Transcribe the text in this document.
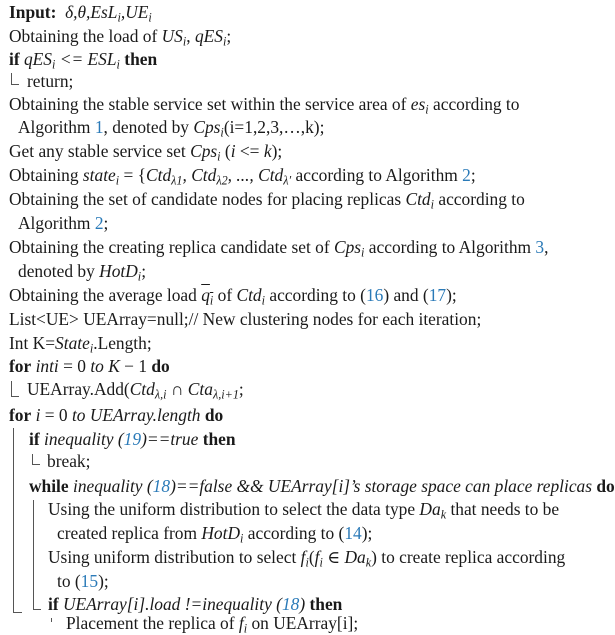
Input:  $\delta,\theta,EsL_i,UE_i$
Obtaining the load of $US_i$, qES$_i$;
if $qES_i <= ESL_i$ then
return;
Obtaining the stable service set within the service area of $es_i$ according to
Algorithm 1, denoted by Cps$_i$(i=1,2,3,…,k);
Get any stable service set Cps$_i$ (i <= k);
Obtaining state$_i$ = {Ctd$_{\lambda 1}$, Ctd$_{\lambda 2}$, ..., Ctd$_{\lambda'}$ according to Algorithm 2;
Obtaining the set of candidate nodes for placing replicas Ctd$_i$ according to
Algorithm 2;
Obtaining the creating replica candidate set of Cps$_i$ according to Algorithm 3,
denoted by HotD$_i$;
Obtaining the average load $q_i$ of Ctd$_i$ according to (16) and (17);
List<UE> UEArray=null;// New clustering nodes for each iteration;
Int K=State$_i$.Length;
for inti = 0 to K − 1 do
UEArray.Add(Ctd$_{\lambda,i}$ ∩ Cta$_{\lambda,i+1}$;
for i = 0 to UEArray.length do
if inequality (19)==true then
break;
while inequality (18)==false && UEArray[i]’s storage space can place replicas do
Using the uniform distribution to select the data type $Da_k$ that needs to be
created replica from HotD$_i$ according to (14);
Using uniform distribution to select $f_i(f_i$ ∈ $Da_k$) to create replica according
to (15);
if UEArray[i].load !=inequality (18) then
Placement the replica of $f_i$ on UEArray[i];
